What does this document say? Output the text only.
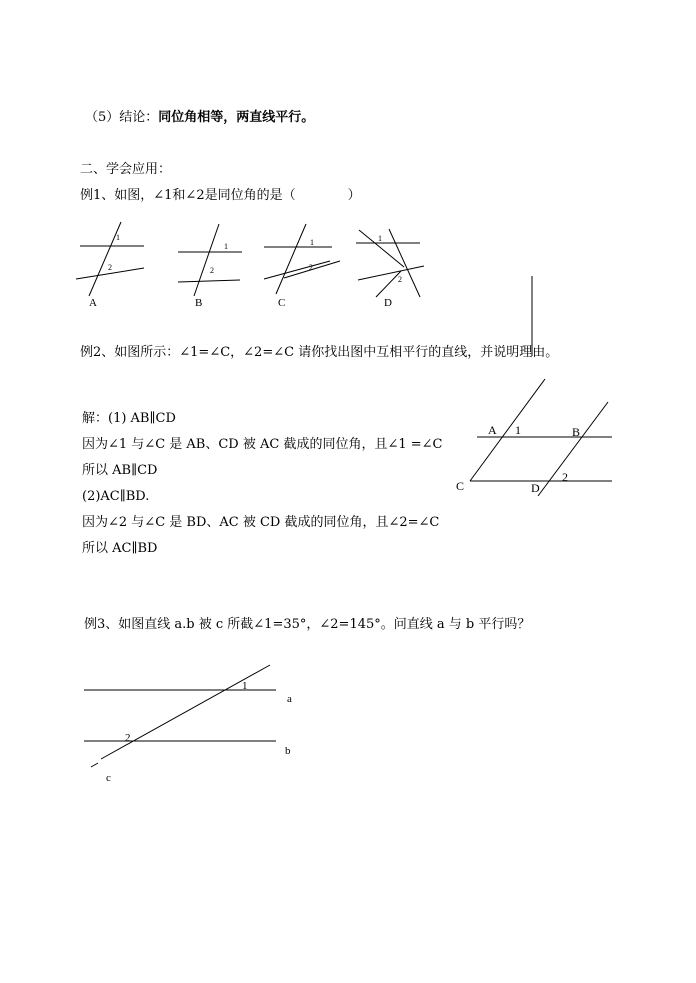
（5）结论：同位角相等，两直线平行。
二、学会应用：
例1、如图，∠1和∠2是同位角的是（　　　　）
1
2
1
2
1
2
1
2
A	B	C	D
例2、如图所示：∠1=∠C，∠2=∠C 请你找出图中互相平行的直线，并说明理由。
解：(1) AB∥CD
因为∠1 与∠C 是 AB、CD 被 AC 截成的同位角，且∠1 =∠C
所以 AB∥CD
(2)AC∥BD.
因为∠2 与∠C 是 BD、AC 被 CD 截成的同位角，且∠2=∠C
所以 AC∥BD
A 1	B
C	D
2
例3、如图直线 a.b 被 c 所截∠1=35°，∠2=145°。问直线 a 与 b 平行吗？
1
2
a
b
c
